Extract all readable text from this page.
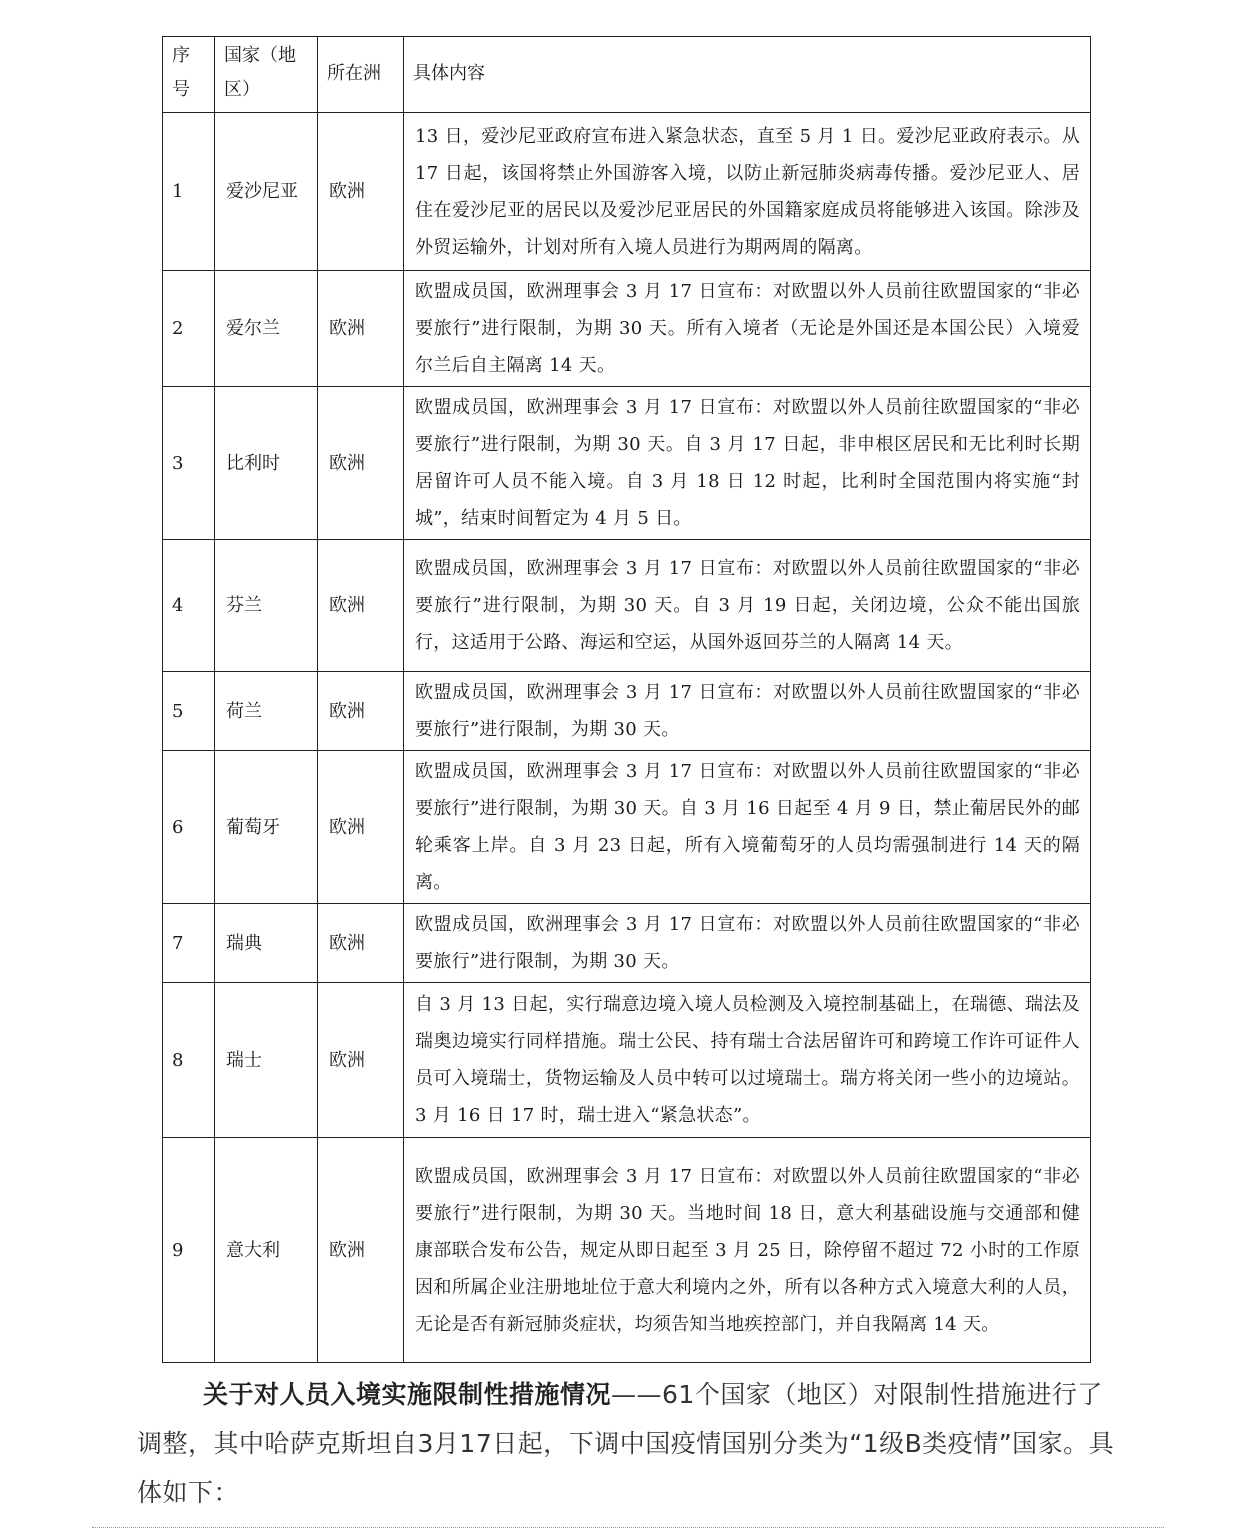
序号	国家（地区）	所在洲	具体内容
1	爱沙尼亚	欧洲	13 日，爱沙尼亚政府宣布进入紧急状态，直至 5 月 1 日。爱沙尼亚政府表示。从 17 日起，该国将禁止外国游客入境，以防止新冠肺炎病毒传播。爱沙尼亚人、居住在爱沙尼亚的居民以及爱沙尼亚居民的外国籍家庭成员将能够进入该国。除涉及外贸运输外，计划对所有入境人员进行为期两周的隔离。
2	爱尔兰	欧洲	欧盟成员国，欧洲理事会 3 月 17 日宣布：对欧盟以外人员前往欧盟国家的“非必要旅行”进行限制，为期 30 天。所有入境者（无论是外国还是本国公民）入境爱尔兰后自主隔离 14 天。
3	比利时	欧洲	欧盟成员国，欧洲理事会 3 月 17 日宣布：对欧盟以外人员前往欧盟国家的“非必要旅行”进行限制，为期 30 天。自 3 月 17 日起，非申根区居民和无比利时长期居留许可人员不能入境。自 3 月 18 日 12 时起，比利时全国范围内将实施“封城”，结束时间暂定为 4 月 5 日。
4	芬兰	欧洲	欧盟成员国，欧洲理事会 3 月 17 日宣布：对欧盟以外人员前往欧盟国家的“非必要旅行”进行限制，为期 30 天。自 3 月 19 日起，关闭边境，公众不能出国旅行，这适用于公路、海运和空运，从国外返回芬兰的人隔离 14 天。
5	荷兰	欧洲	欧盟成员国，欧洲理事会 3 月 17 日宣布：对欧盟以外人员前往欧盟国家的“非必要旅行”进行限制，为期 30 天。
6	葡萄牙	欧洲	欧盟成员国，欧洲理事会 3 月 17 日宣布：对欧盟以外人员前往欧盟国家的“非必要旅行”进行限制，为期 30 天。自 3 月 16 日起至 4 月 9 日，禁止葡居民外的邮轮乘客上岸。自 3 月 23 日起，所有入境葡萄牙的人员均需强制进行 14 天的隔离。
7	瑞典	欧洲	欧盟成员国，欧洲理事会 3 月 17 日宣布：对欧盟以外人员前往欧盟国家的“非必要旅行”进行限制，为期 30 天。
8	瑞士	欧洲	自 3 月 13 日起，实行瑞意边境入境人员检测及入境控制基础上，在瑞德、瑞法及瑞奥边境实行同样措施。瑞士公民、持有瑞士合法居留许可和跨境工作许可证件人员可入境瑞士，货物运输及人员中转可以过境瑞士。瑞方将关闭一些小的边境站。3 月 16 日 17 时，瑞士进入“紧急状态”。
9	意大利	欧洲	欧盟成员国，欧洲理事会 3 月 17 日宣布：对欧盟以外人员前往欧盟国家的“非必要旅行”进行限制，为期 30 天。当地时间 18 日，意大利基础设施与交通部和健康部联合发布公告，规定从即日起至 3 月 25 日，除停留不超过 72 小时的工作原因和所属企业注册地址位于意大利境内之外，所有以各种方式入境意大利的人员，无论是否有新冠肺炎症状，均须告知当地疾控部门，并自我隔离 14 天。

关于对人员入境实施限制性措施情况——61个国家（地区）对限制性措施进行了调整，其中哈萨克斯坦自3月17日起，下调中国疫情国别分类为“1级B类疫情”国家。具体如下：
